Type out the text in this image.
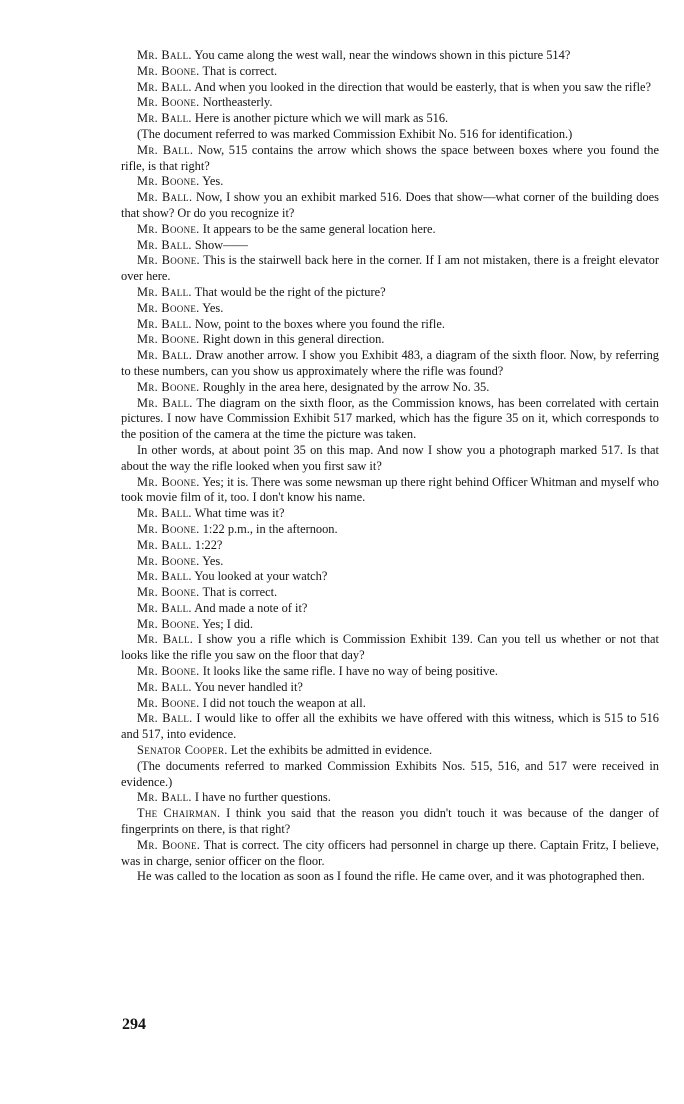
Mr. Ball. You came along the west wall, near the windows shown in this picture 514?

Mr. Boone. That is correct.

Mr. Ball. And when you looked in the direction that would be easterly, that is when you saw the rifle?

Mr. Boone. Northeasterly.

Mr. Ball. Here is another picture which we will mark as 516.

(The document referred to was marked Commission Exhibit No. 516 for identification.)

Mr. Ball. Now, 515 contains the arrow which shows the space between boxes where you found the rifle, is that right?

Mr. Boone. Yes.

Mr. Ball. Now, I show you an exhibit marked 516. Does that show—what corner of the building does that show? Or do you recognize it?

Mr. Boone. It appears to be the same general location here.

Mr. Ball. Show——

Mr. Boone. This is the stairwell back here in the corner. If I am not mistaken, there is a freight elevator over here.

Mr. Ball. That would be the right of the picture?

Mr. Boone. Yes.

Mr. Ball. Now, point to the boxes where you found the rifle.

Mr. Boone. Right down in this general direction.

Mr. Ball. Draw another arrow. I show you Exhibit 483, a diagram of the sixth floor. Now, by referring to these numbers, can you show us approximately where the rifle was found?

Mr. Boone. Roughly in the area here, designated by the arrow No. 35.

Mr. Ball. The diagram on the sixth floor, as the Commission knows, has been correlated with certain pictures. I now have Commission Exhibit 517 marked, which has the figure 35 on it, which corresponds to the position of the camera at the time the picture was taken.

In other words, at about point 35 on this map. And now I show you a photograph marked 517. Is that about the way the rifle looked when you first saw it?

Mr. Boone. Yes; it is. There was some newsman up there right behind Officer Whitman and myself who took movie film of it, too. I don't know his name.

Mr. Ball. What time was it?

Mr. Boone. 1:22 p.m., in the afternoon.

Mr. Ball. 1:22?

Mr. Boone. Yes.

Mr. Ball. You looked at your watch?

Mr. Boone. That is correct.

Mr. Ball. And made a note of it?

Mr. Boone. Yes; I did.

Mr. Ball. I show you a rifle which is Commission Exhibit 139. Can you tell us whether or not that looks like the rifle you saw on the floor that day?

Mr. Boone. It looks like the same rifle. I have no way of being positive.

Mr. Ball. You never handled it?

Mr. Boone. I did not touch the weapon at all.

Mr. Ball. I would like to offer all the exhibits we have offered with this witness, which is 515 to 516 and 517, into evidence.

Senator Cooper. Let the exhibits be admitted in evidence.

(The documents referred to marked Commission Exhibits Nos. 515, 516, and 517 were received in evidence.)

Mr. Ball. I have no further questions.

The Chairman. I think you said that the reason you didn't touch it was because of the danger of fingerprints on there, is that right?

Mr. Boone. That is correct. The city officers had personnel in charge up there. Captain Fritz, I believe, was in charge, senior officer on the floor.

He was called to the location as soon as I found the rifle. He came over, and it was photographed then.

294
